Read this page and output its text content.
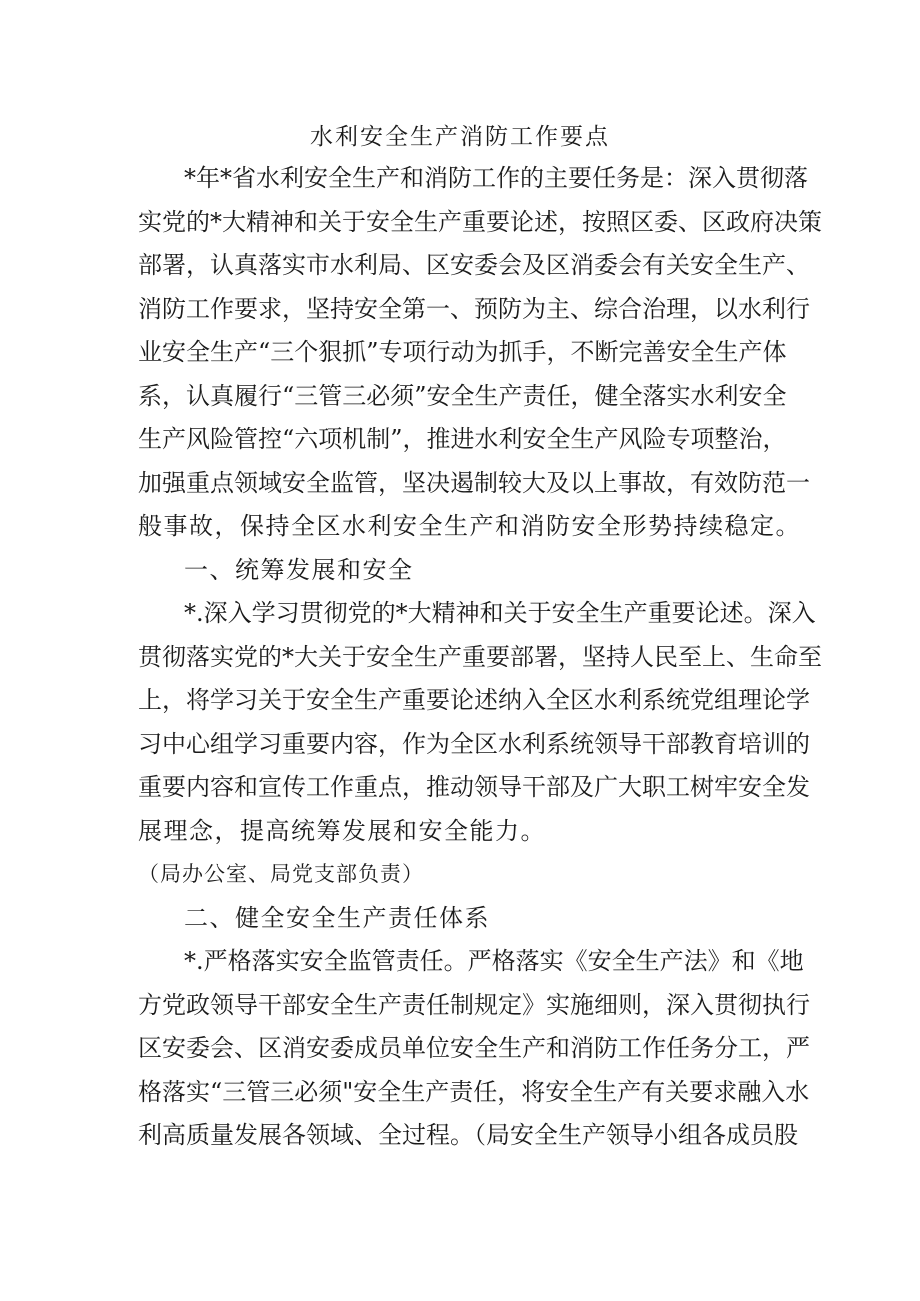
水利安全生产消防工作要点
*年*省水利安全生产和消防工作的主要任务是：深入贯彻落
实党的*大精神和关于安全生产重要论述，按照区委、区政府决策
部署，认真落实市水利局、区安委会及区消委会有关安全生产、
消防工作要求，坚持安全第一、预防为主、综合治理，以水利行
业安全生产“三个狠抓”专项行动为抓手，不断完善安全生产体
系，认真履行“三管三必须”安全生产责任，健全落实水利安全
生产风险管控“六项机制”，推进水利安全生产风险专项整治，
加强重点领域安全监管，坚决遏制较大及以上事故，有效防范一
般事故，保持全区水利安全生产和消防安全形势持续稳定。
一、统筹发展和安全
*.深入学习贯彻党的*大精神和关于安全生产重要论述。深入
贯彻落实党的*大关于安全生产重要部署，坚持人民至上、生命至
上，将学习关于安全生产重要论述纳入全区水利系统党组理论学
习中心组学习重要内容，作为全区水利系统领导干部教育培训的
重要内容和宣传工作重点，推动领导干部及广大职工树牢安全发
展理念，提高统筹发展和安全能力。
（局办公室、局党支部负责）
二、健全安全生产责任体系
*.严格落实安全监管责任。严格落实《安全生产法》和《地
方党政领导干部安全生产责任制规定》实施细则，深入贯彻执行
区安委会、区消安委成员单位安全生产和消防工作任务分工，严
格落实“三管三必须"安全生产责任，将安全生产有关要求融入水
利高质量发展各领域、全过程。（局安全生产领导小组各成员股
